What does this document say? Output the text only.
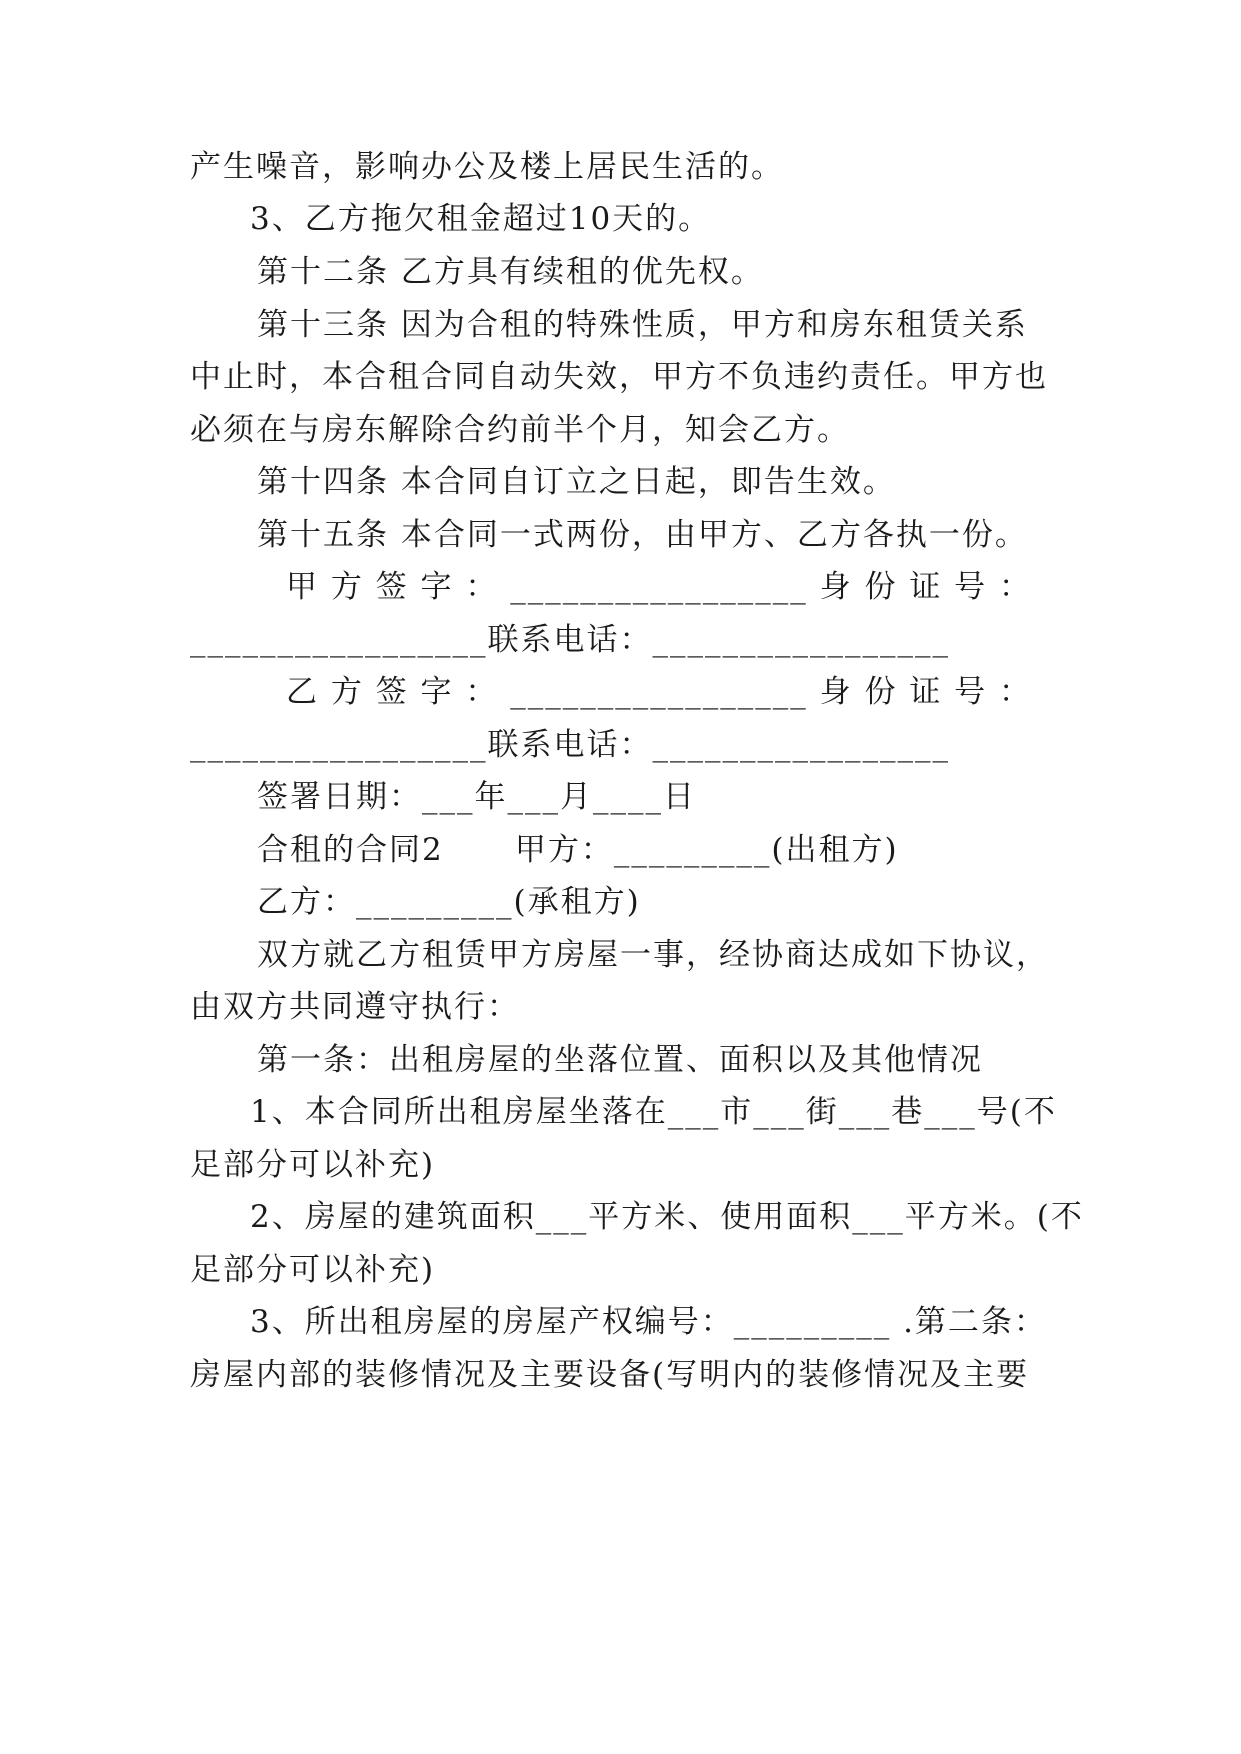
产生噪音，影响办公及楼上居民生活的。
3、乙方拖欠租金超过10天的。
第十二条 乙方具有续租的优先权。
第十三条 因为合租的特殊性质，甲方和房东租赁关系
中止时，本合租合同自动失效，甲方不负违约责任。甲方也
必须在与房东解除合约前半个月，知会乙方。
第十四条 本合同自订立之日起，即告生效。
第十五条 本合同一式两份，由甲方、乙方各执一份。
甲 方 签 字 ： _________________ 身 份 证 号 ：
_________________联系电话：_________________
乙 方 签 字 ： _________________ 身 份 证 号 ：
_________________联系电话：_________________
签署日期：___年___月____日
合租的合同2      甲方：_________(出租方)
乙方：_________(承租方)
双方就乙方租赁甲方房屋一事，经协商达成如下协议，
由双方共同遵守执行：
第一条：出租房屋的坐落位置、面积以及其他情况
1、本合同所出租房屋坐落在___市___街___巷___号(不
足部分可以补充)
2、房屋的建筑面积___平方米、使用面积___平方米。(不
足部分可以补充)
3、所出租房屋的房屋产权编号：_________ .第二条：
房屋内部的装修情况及主要设备(写明内的装修情况及主要
